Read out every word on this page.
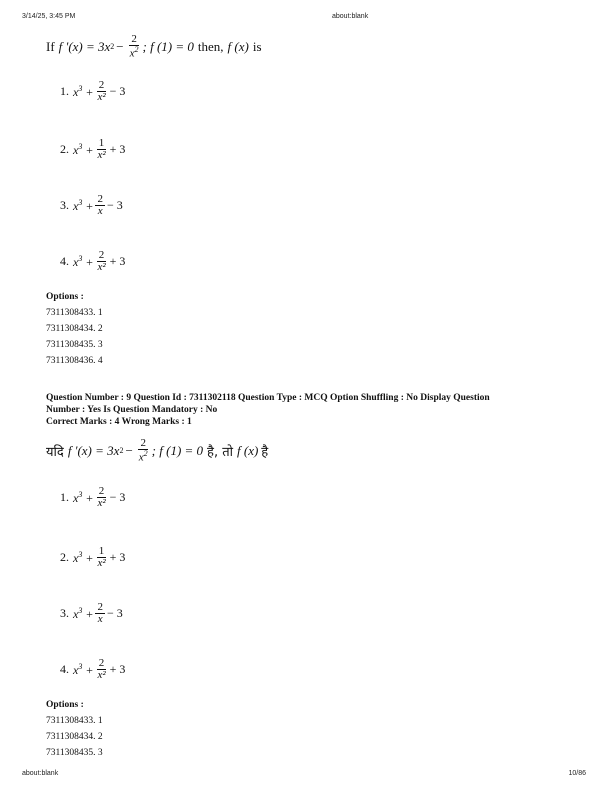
3/14/25, 3:45 PM	about:blank
If f '(x) = 3x $2 - \frac{2}{x^2}$ ; f (1) = 0 then, f (x) is
1. $x^3 + \frac{2}{\text{x²}} - 3$
2. $x^3 + \frac{1}{\text{x²}} + 3$
3. $x^3 + \frac{2}{x} - 3$
4. $x^3 + \frac{2}{\text{x²}} + 3$
Options :
7311308433. 1
7311308434. 2
7311308435. 3
7311308436. 4
Question Number : 9 Question Id : 7311302118 Question Type : MCQ Option Shuffling : No Display Question
Number : Yes Is Question Mandatory : No
Correct Marks : 4 Wrong Marks : 1
यदि f '(x) = 3x $2 - \frac{2}{x^2}$ ; f (1) = 0 है, तो f (x) है
1. $x^3 + \frac{2}{\text{x²}} - 3$
2. $x^3 + \frac{1}{\text{x²}} + 3$
3. $x^3 + \frac{2}{x} - 3$
4. $x^3 + \frac{2}{\text{x²}} + 3$
Options :
7311308433. 1
7311308434. 2
7311308435. 3
about:blank	10/86
